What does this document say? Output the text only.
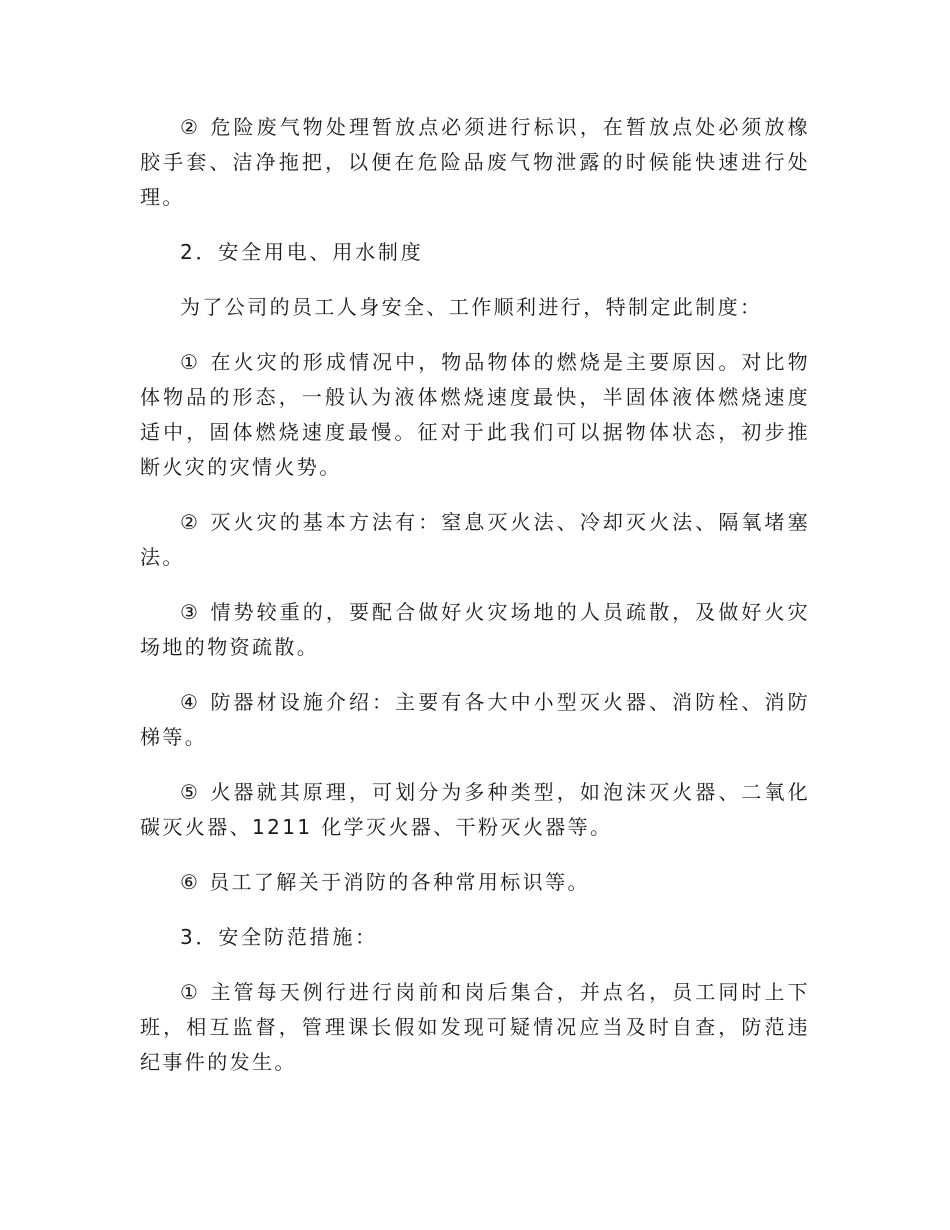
② 危险废气物处理暂放点必须进行标识，在暂放点处必须放橡胶手套、洁净拖把，以便在危险品废气物泄露的时候能快速进行处理。

2．安全用电、用水制度

为了公司的员工人身安全、工作顺利进行，特制定此制度：

① 在火灾的形成情况中，物品物体的燃烧是主要原因。对比物体物品的形态，一般认为液体燃烧速度最快，半固体液体燃烧速度适中，固体燃烧速度最慢。征对于此我们可以据物体状态，初步推断火灾的灾情火势。

② 灭火灾的基本方法有：窒息灭火法、冷却灭火法、隔氧堵塞法。

③ 情势较重的，要配合做好火灾场地的人员疏散，及做好火灾场地的物资疏散。

④ 防器材设施介绍：主要有各大中小型灭火器、消防栓、消防梯等。

⑤ 火器就其原理，可划分为多种类型，如泡沫灭火器、二氧化碳灭火器、1211 化学灭火器、干粉灭火器等。

⑥ 员工了解关于消防的各种常用标识等。

3．安全防范措施：

① 主管每天例行进行岗前和岗后集合，并点名，员工同时上下班，相互监督，管理课长假如发现可疑情况应当及时自查，防范违纪事件的发生。
